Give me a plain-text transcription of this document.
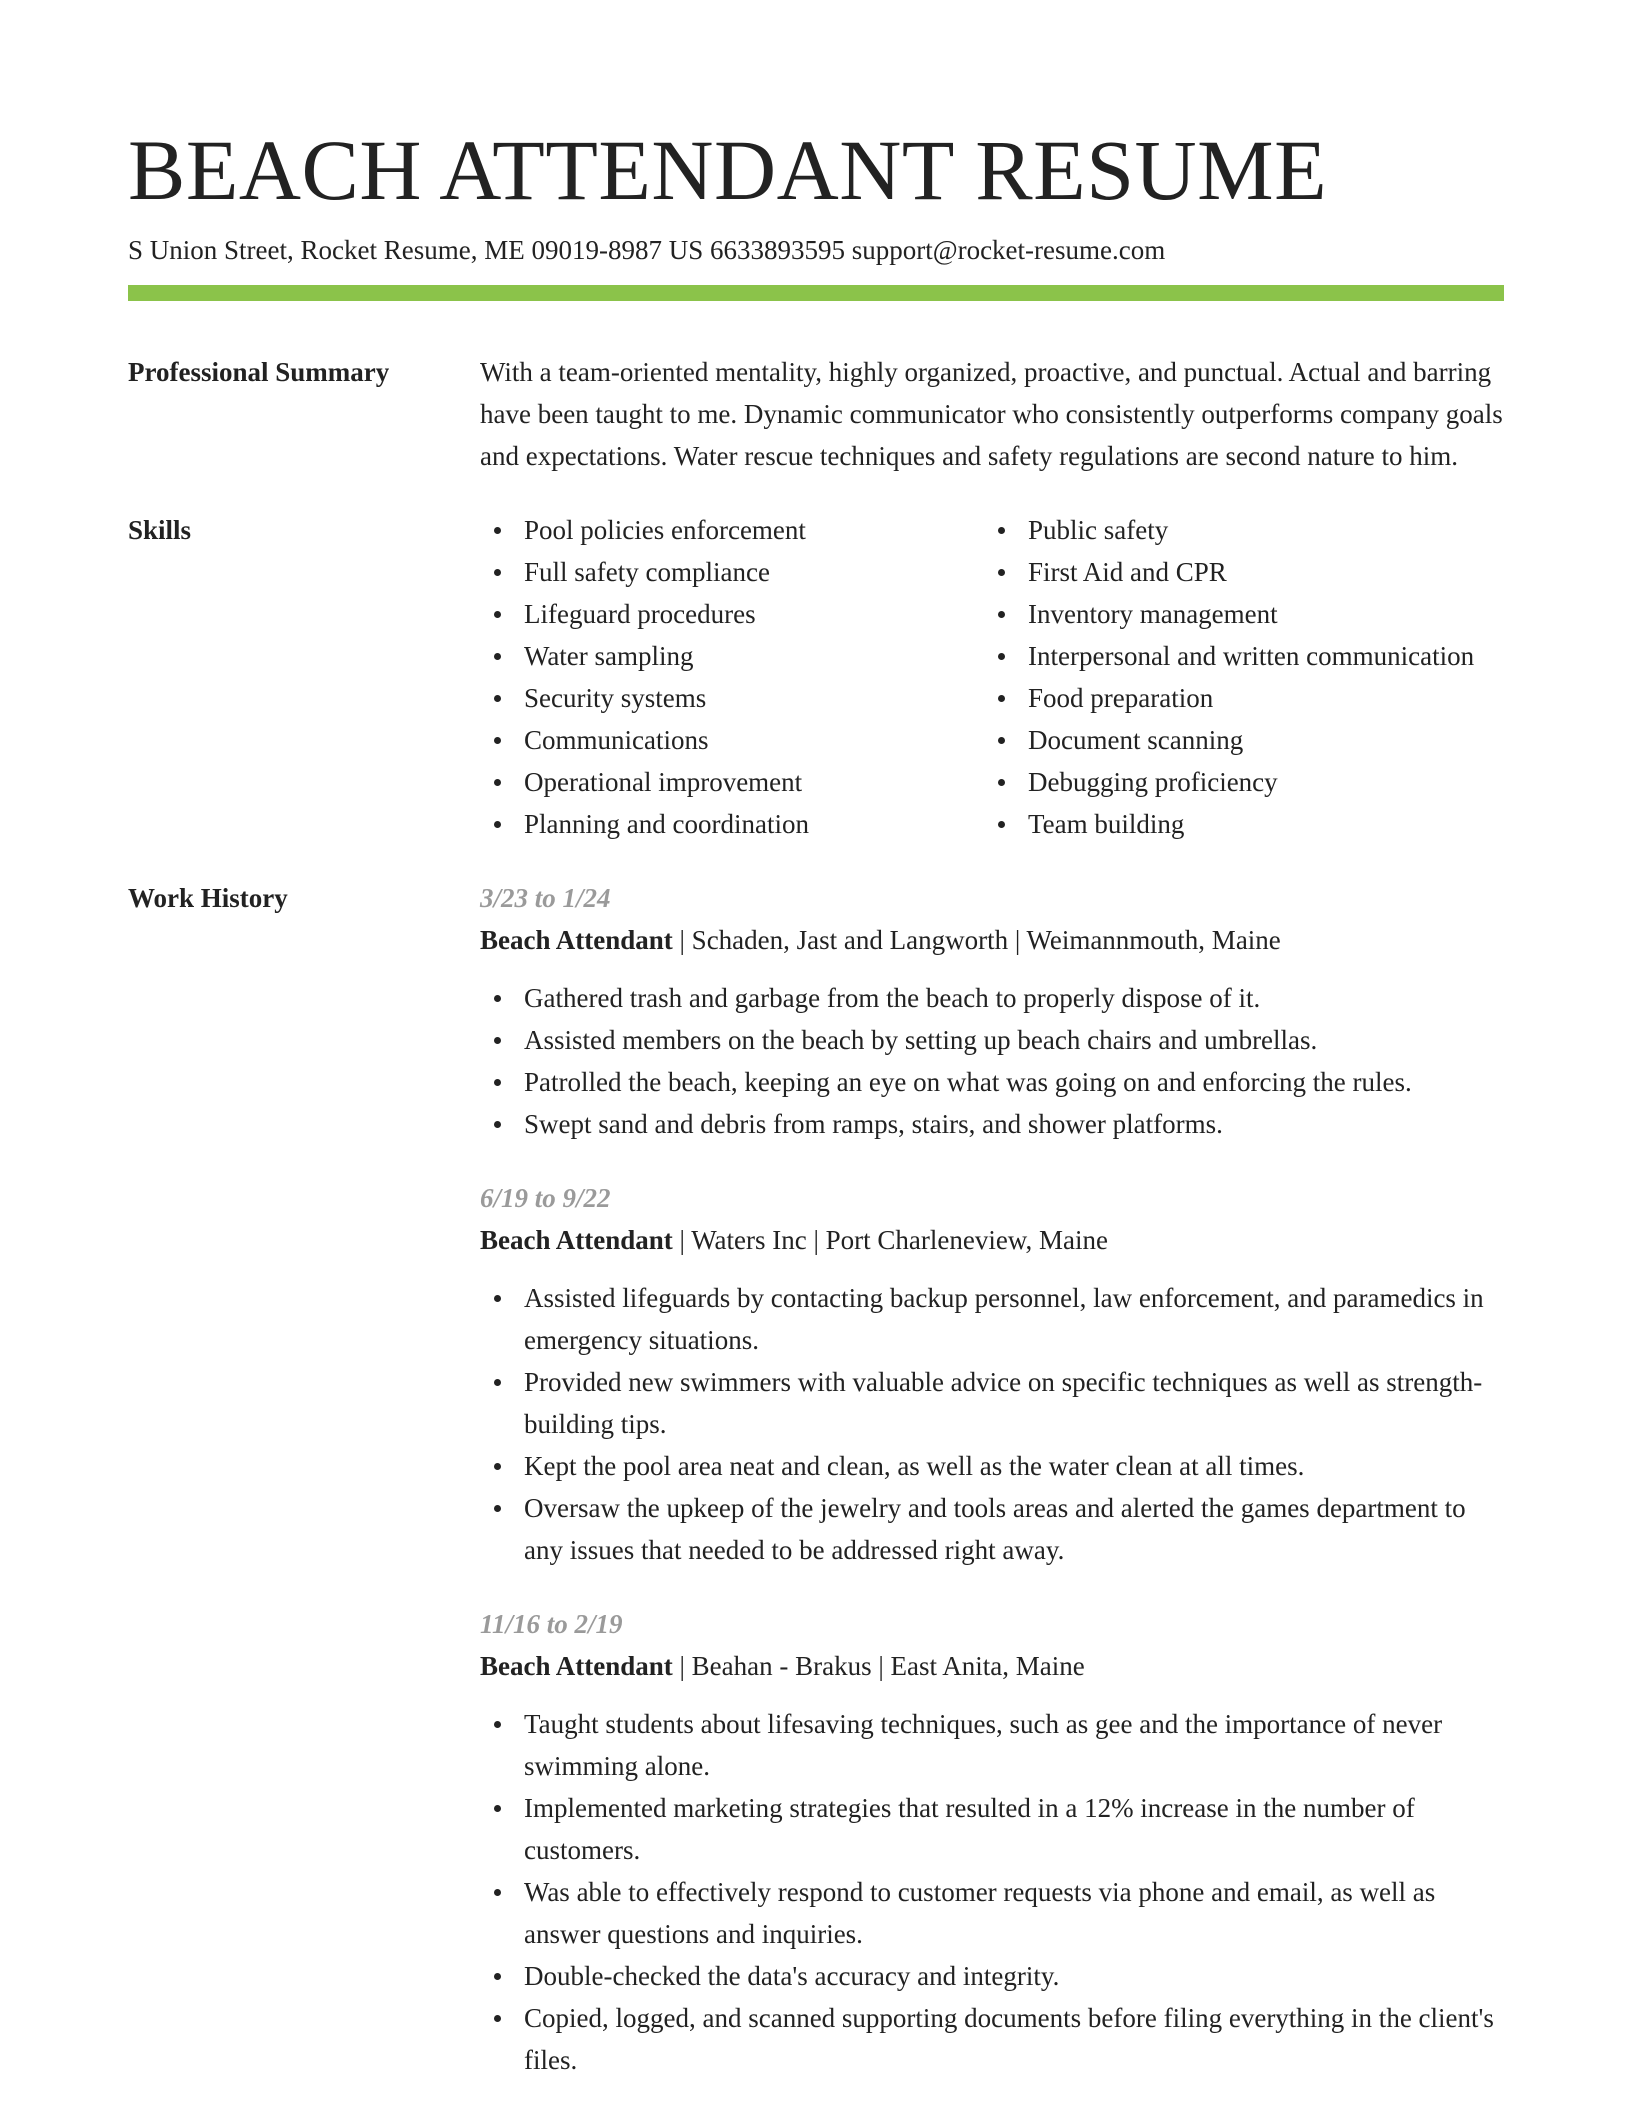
BEACH ATTENDANT RESUME
S Union Street, Rocket Resume, ME 09019-8987 US 6633893595 support@rocket-resume.com
Professional Summary	With a team-oriented mentality, highly organized, proactive, and punctual. Actual and barring have been taught to me. Dynamic communicator who consistently outperforms company goals and expectations. Water rescue techniques and safety regulations are second nature to him.
Skills	Pool policies enforcement
Full safety compliance
Lifeguard procedures
Water sampling
Security systems
Communications
Operational improvement
Planning and coordination
Public safety
First Aid and CPR
Inventory management
Interpersonal and written communication
Food preparation
Document scanning
Debugging proficiency
Team building
Work History	3/23 to 1/24
Beach Attendant | Schaden, Jast and Langworth | Weimannmouth, Maine
Gathered trash and garbage from the beach to properly dispose of it.
Assisted members on the beach by setting up beach chairs and umbrellas.
Patrolled the beach, keeping an eye on what was going on and enforcing the rules.
Swept sand and debris from ramps, stairs, and shower platforms.
6/19 to 9/22
Beach Attendant | Waters Inc | Port Charleneview, Maine
Assisted lifeguards by contacting backup personnel, law enforcement, and paramedics in emergency situations.
Provided new swimmers with valuable advice on specific techniques as well as strength-building tips.
Kept the pool area neat and clean, as well as the water clean at all times.
Oversaw the upkeep of the jewelry and tools areas and alerted the games department to any issues that needed to be addressed right away.
11/16 to 2/19
Beach Attendant | Beahan - Brakus | East Anita, Maine
Taught students about lifesaving techniques, such as gee and the importance of never swimming alone.
Implemented marketing strategies that resulted in a 12% increase in the number of customers.
Was able to effectively respond to customer requests via phone and email, as well as answer questions and inquiries.
Double-checked the data's accuracy and integrity.
Copied, logged, and scanned supporting documents before filing everything in the client's files.
